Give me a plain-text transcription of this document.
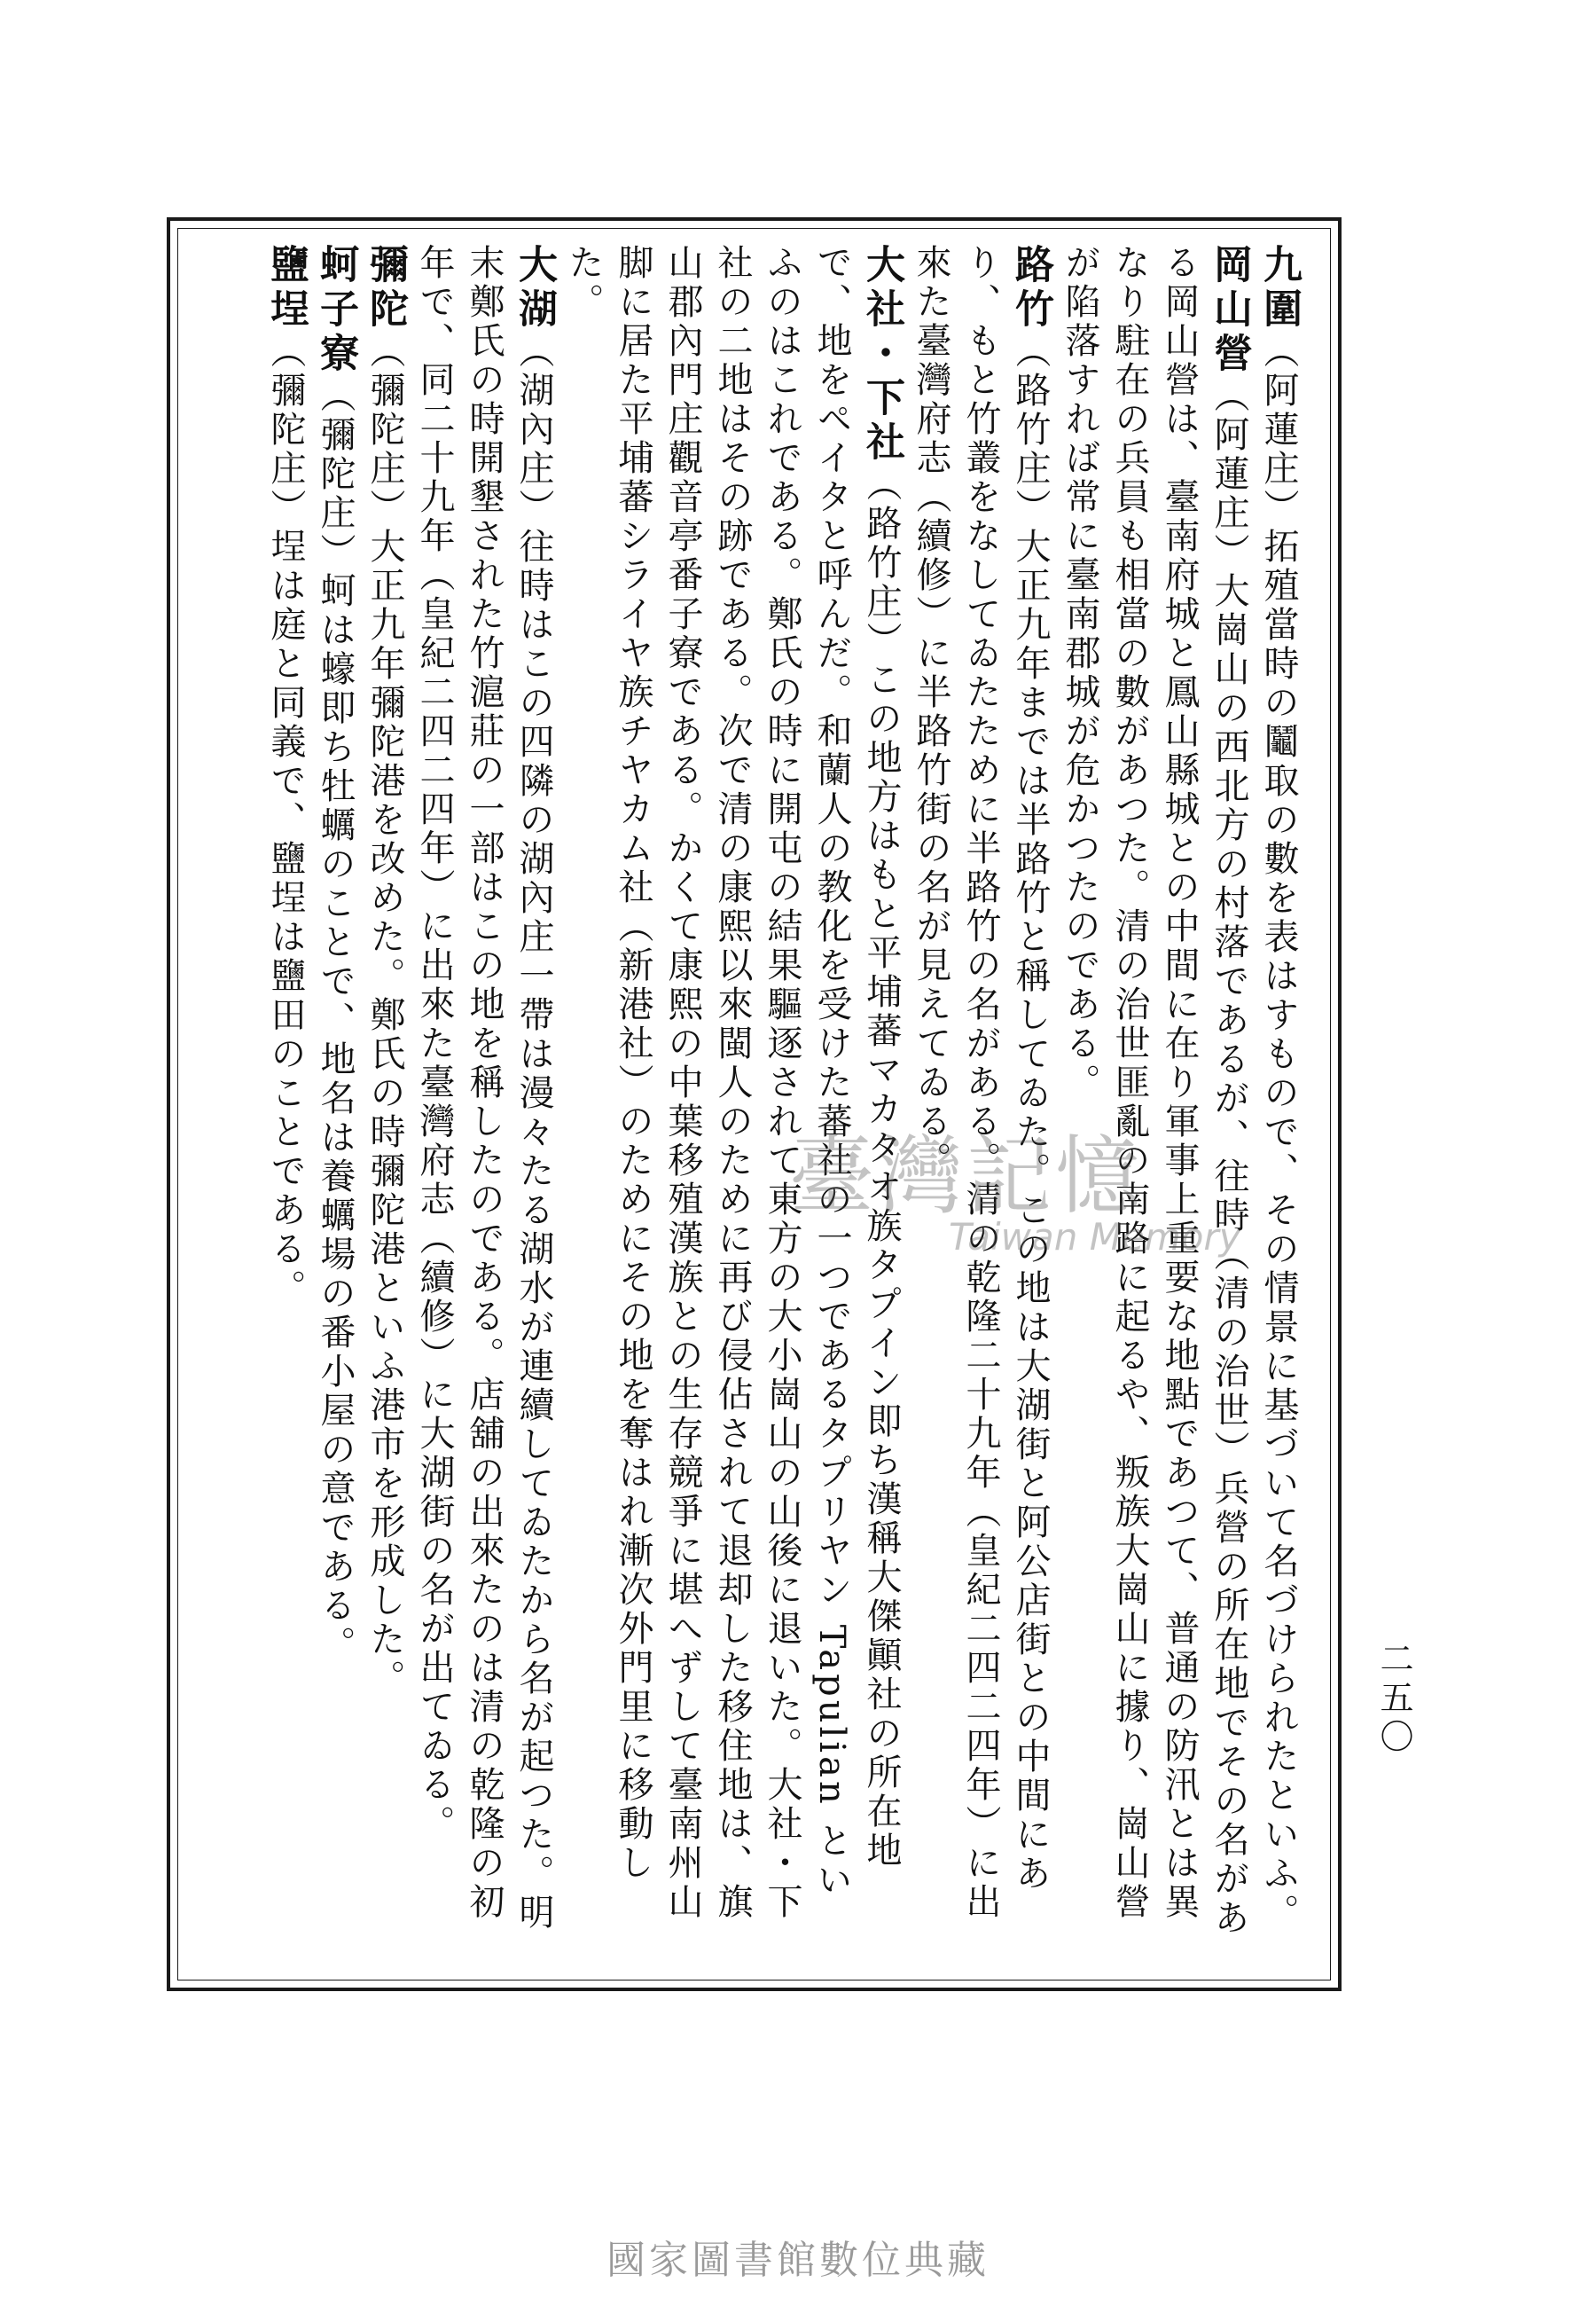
九圍（阿蓮庄）拓殖當時の鬮取の數を表はすもので、その情景に基づいて名づけられたといふ。

岡山營（阿蓮庄）大崗山の西北方の村落であるが、往時（清の治世）兵營の所在地でその名がある岡山營は、臺南府城と鳳山縣城との中間に在り軍事上重要な地點であつて、普通の防汛とは異なり駐在の兵員も相當の數があつた。清の治世匪亂の南路に起るや、叛族大崗山に據り、崗山營が陷落すれば常に臺南郡城が危かつたのである。

路竹（路竹庄）大正九年までは半路竹と稱してゐた。この地は大湖街と阿公店街との中間にあり、もと竹叢をなしてゐたために半路竹の名がある。清の乾隆二十九年（皇紀二四二四年）に出來た臺灣府志（續修）に半路竹街の名が見えてゐる。

大社・下社（路竹庄）この地方はもと平埔蕃マカタオ族タプイン即ち漢稱大傑顚社の所在地で、地をペイタと呼んだ。和蘭人の教化を受けた蕃社の一つであるタプリヤン Tapulian といふのはこれである。鄭氏の時に開屯の結果驅逐されて東方の大小崗山の山後に退いた。大社・下社の二地はその跡である。次で清の康熙以來閩人のために再び侵佔されて退却した移住地は、旗山郡內門庄觀音亭番子寮である。かくて康熙の中葉移殖漢族との生存競爭に堪へずして臺南州山脚に居た平埔蕃シライヤ族チヤカム社（新港社）のためにその地を奪はれ漸次外門里に移動した。

大湖（湖內庄）往時はこの四隣の湖內庄一帶は漫々たる湖水が連續してゐたから名が起つた。明末鄭氏の時開墾された竹滬莊の一部はこの地を稱したのである。店舖の出來たのは清の乾隆の初年で、同二十九年（皇紀二四二四年）に出來た臺灣府志（續修）に大湖街の名が出てゐる。

彌陀（彌陀庄）大正九年彌陀港を改めた。鄭氏の時彌陀港といふ港市を形成した。

蚵子寮（彌陀庄）蚵は蠔即ち牡蠣のことで、地名は養蠣場の番小屋の意である。

鹽埕（彌陀庄）埕は庭と同義で、鹽埕は鹽田のことである。

二五〇
臺灣記憶
Taiwan Memory
國家圖書館數位典藏
